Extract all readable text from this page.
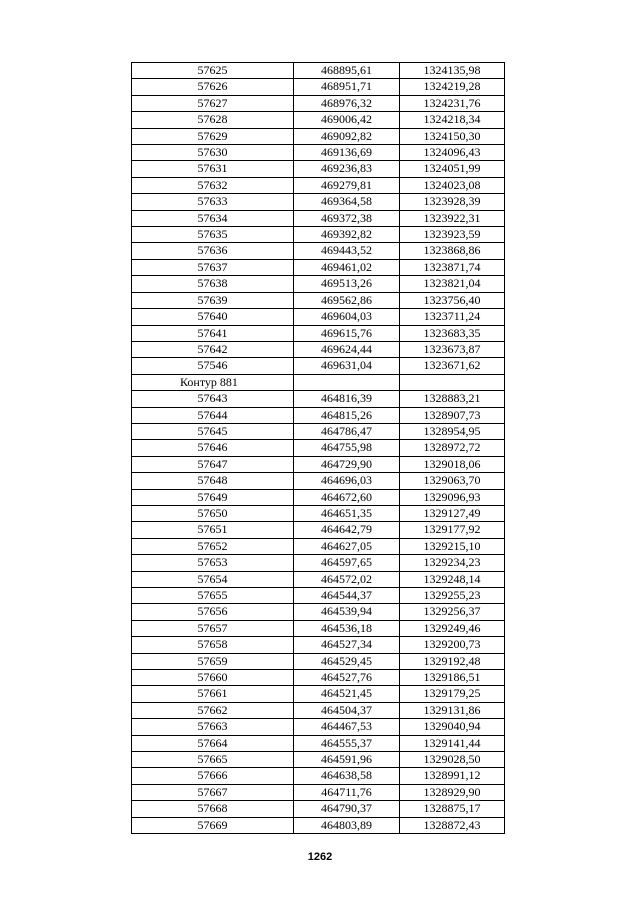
57625	468895,61	1324135,98
57626	468951,71	1324219,28
57627	468976,32	1324231,76
57628	469006,42	1324218,34
57629	469092,82	1324150,30
57630	469136,69	1324096,43
57631	469236,83	1324051,99
57632	469279,81	1324023,08
57633	469364,58	1323928,39
57634	469372,38	1323922,31
57635	469392,82	1323923,59
57636	469443,52	1323868,86
57637	469461,02	1323871,74
57638	469513,26	1323821,04
57639	469562,86	1323756,40
57640	469604,03	1323711,24
57641	469615,76	1323683,35
57642	469624,44	1323673,87
57546	469631,04	1323671,62
Контур 881		
57643	464816,39	1328883,21
57644	464815,26	1328907,73
57645	464786,47	1328954,95
57646	464755,98	1328972,72
57647	464729,90	1329018,06
57648	464696,03	1329063,70
57649	464672,60	1329096,93
57650	464651,35	1329127,49
57651	464642,79	1329177,92
57652	464627,05	1329215,10
57653	464597,65	1329234,23
57654	464572,02	1329248,14
57655	464544,37	1329255,23
57656	464539,94	1329256,37
57657	464536,18	1329249,46
57658	464527,34	1329200,73
57659	464529,45	1329192,48
57660	464527,76	1329186,51
57661	464521,45	1329179,25
57662	464504,37	1329131,86
57663	464467,53	1329040,94
57664	464555,37	1329141,44
57665	464591,96	1329028,50
57666	464638,58	1328991,12
57667	464711,76	1328929,90
57668	464790,37	1328875,17
57669	464803,89	1328872,43
1262
